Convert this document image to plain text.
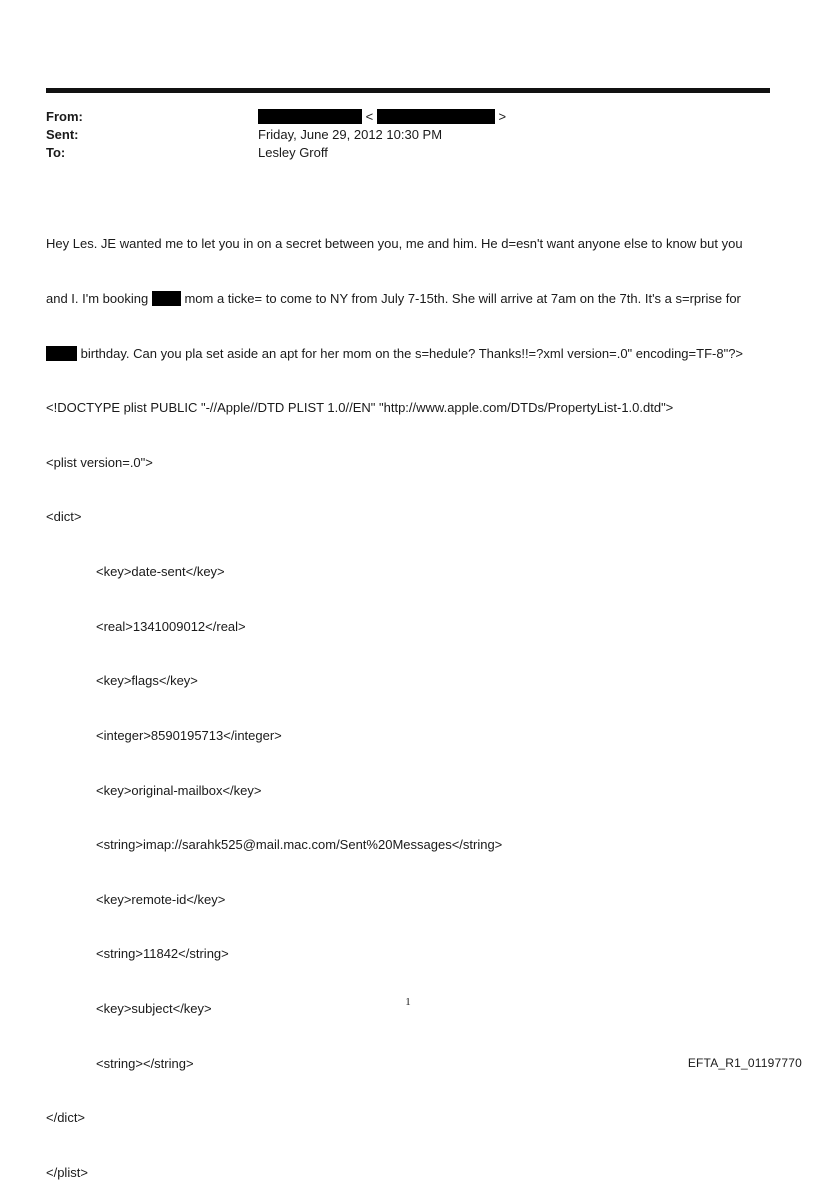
From:	<	>
Sent:	Friday, June 29, 2012 10:30 PM
To:	Lesley Groff

Hey Les. JE wanted me to let you in on a secret between you, me and him. He d=esn't want anyone else to know but you

and I. I'm booking	mom a ticke= to come to NY from July 7-15th. She will arrive at 7am on the 7th. It's a s=rprise for

birthday. Can you pla set aside an apt for her mom on the s=hedule? Thanks!!=?xml version=.0" encoding=TF-8"?>

<!DOCTYPE plist PUBLIC "-//Apple//DTD PLIST 1.0//EN" "http://www.apple.com/DTDs/PropertyList-1.0.dtd">

<plist version=.0">

<dict>

<key>date-sent</key>

<real>1341009012</real>

<key>flags</key>

<integer>8590195713</integer>

<key>original-mailbox</key>

<string>imap://sarahk525@mail.mac.com/Sent%20Messages</string>

<key>remote-id</key>

<string>11842</string>

<key>subject</key>

<string></string>

</dict>

</plist>

1
EFTA_R1_01197770
